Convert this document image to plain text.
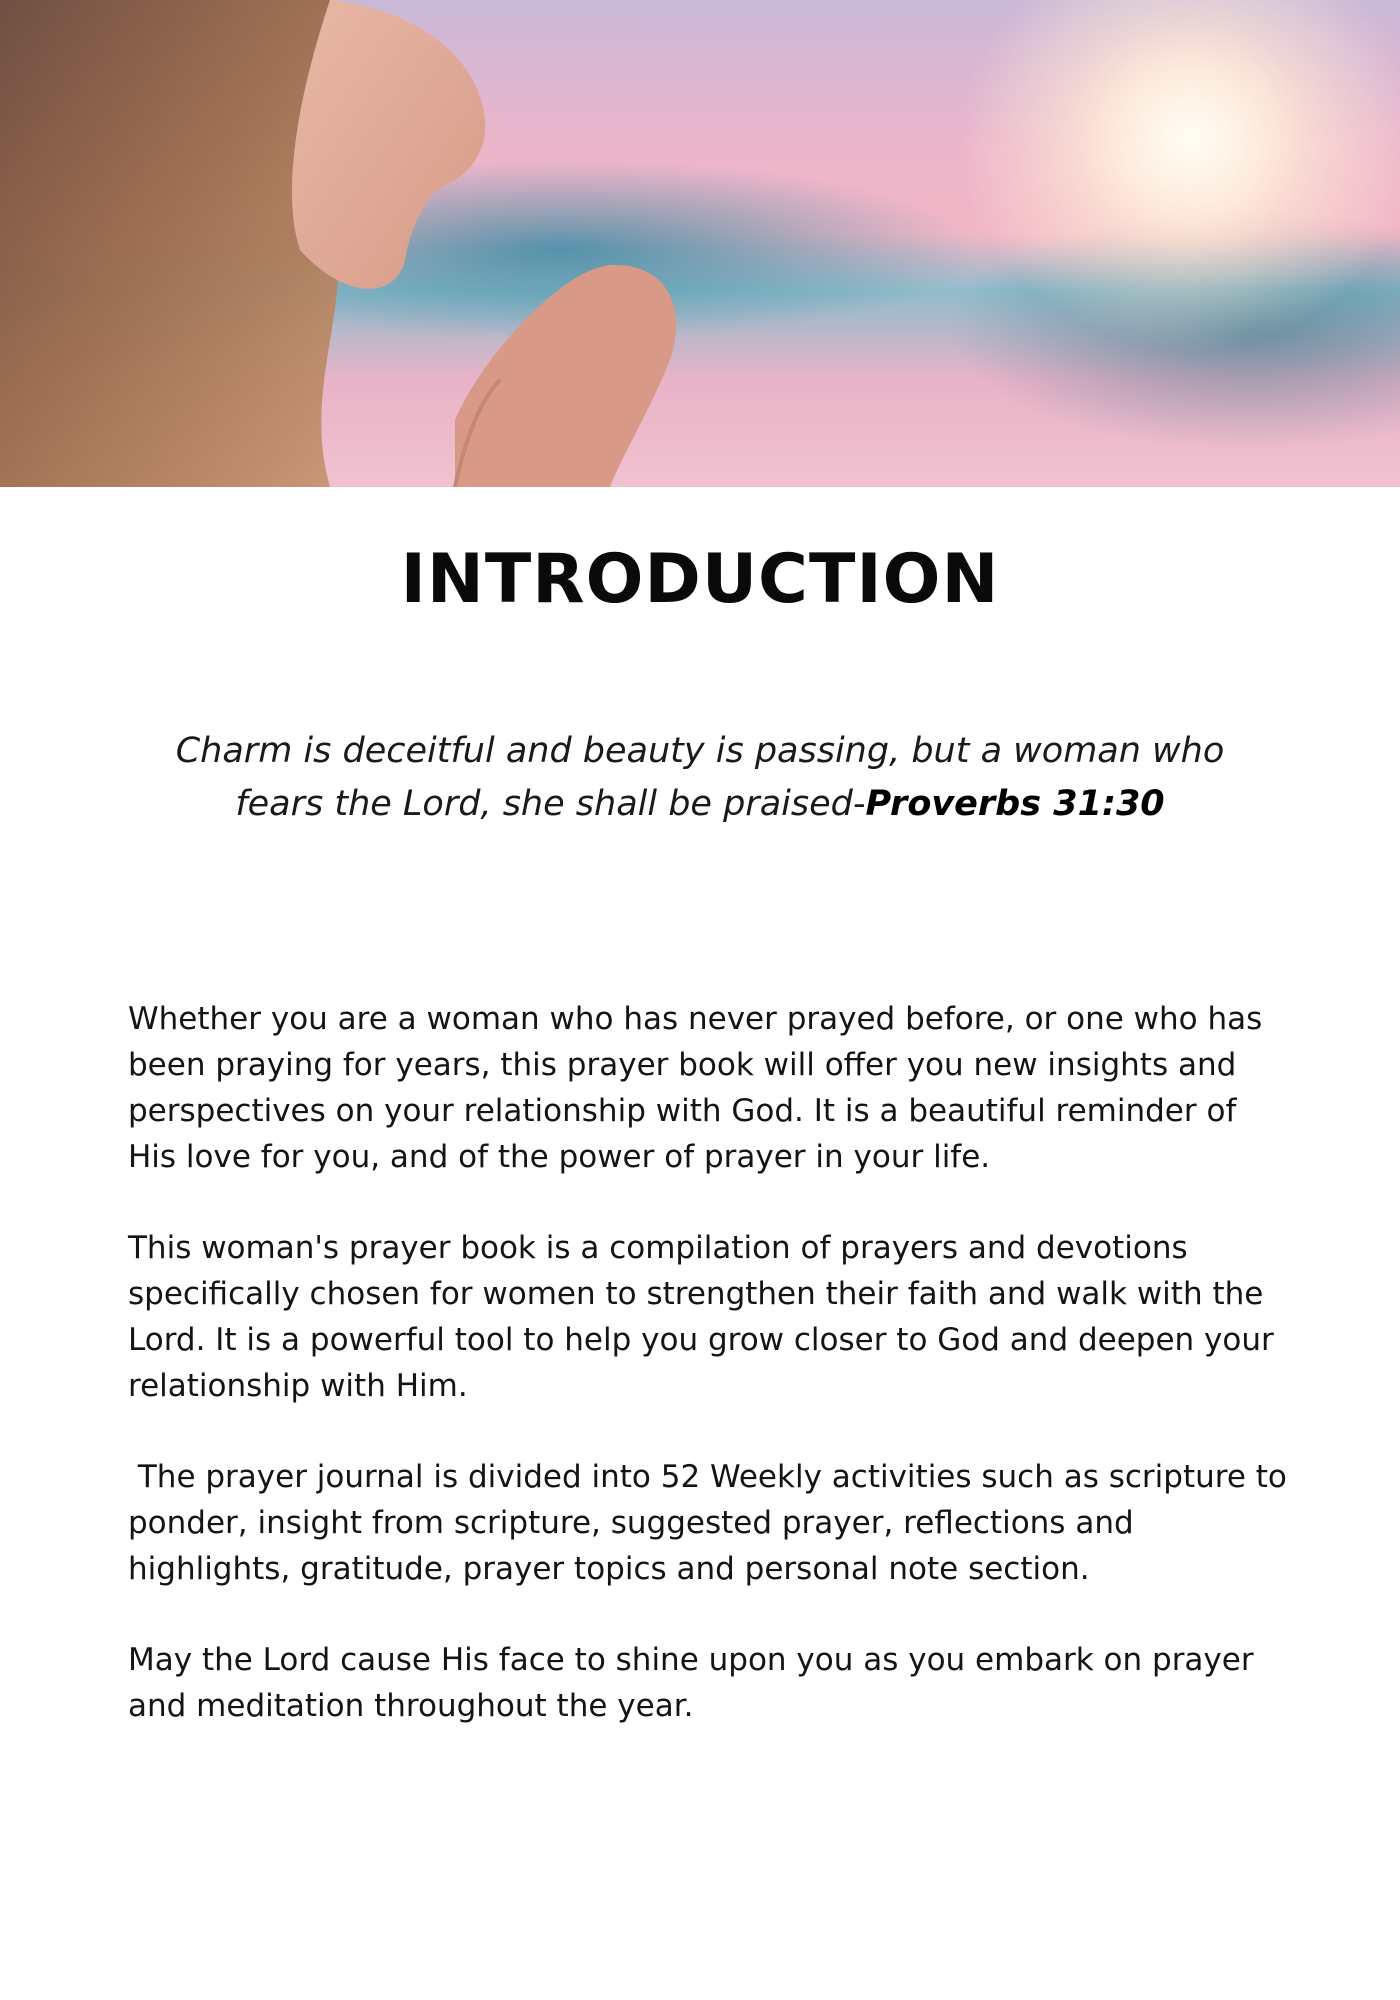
INTRODUCTION

Charm is deceitful and beauty is passing, but a woman who fears the Lord, she shall be praised-Proverbs 31:30

Whether you are a woman who has never prayed before, or one who has been praying for years, this prayer book will offer you new insights and perspectives on your relationship with God. It is a beautiful reminder of His love for you, and of the power of prayer in your life.

This woman's prayer book is a compilation of prayers and devotions specifically chosen for women to strengthen their faith and walk with the Lord. It is a powerful tool to help you grow closer to God and deepen your relationship with Him.

The prayer journal is divided into 52 Weekly activities such as scripture to ponder, insight from scripture, suggested prayer, reflections and highlights, gratitude, prayer topics and personal note section.

May the Lord cause His face to shine upon you as you embark on prayer and meditation throughout the year.
